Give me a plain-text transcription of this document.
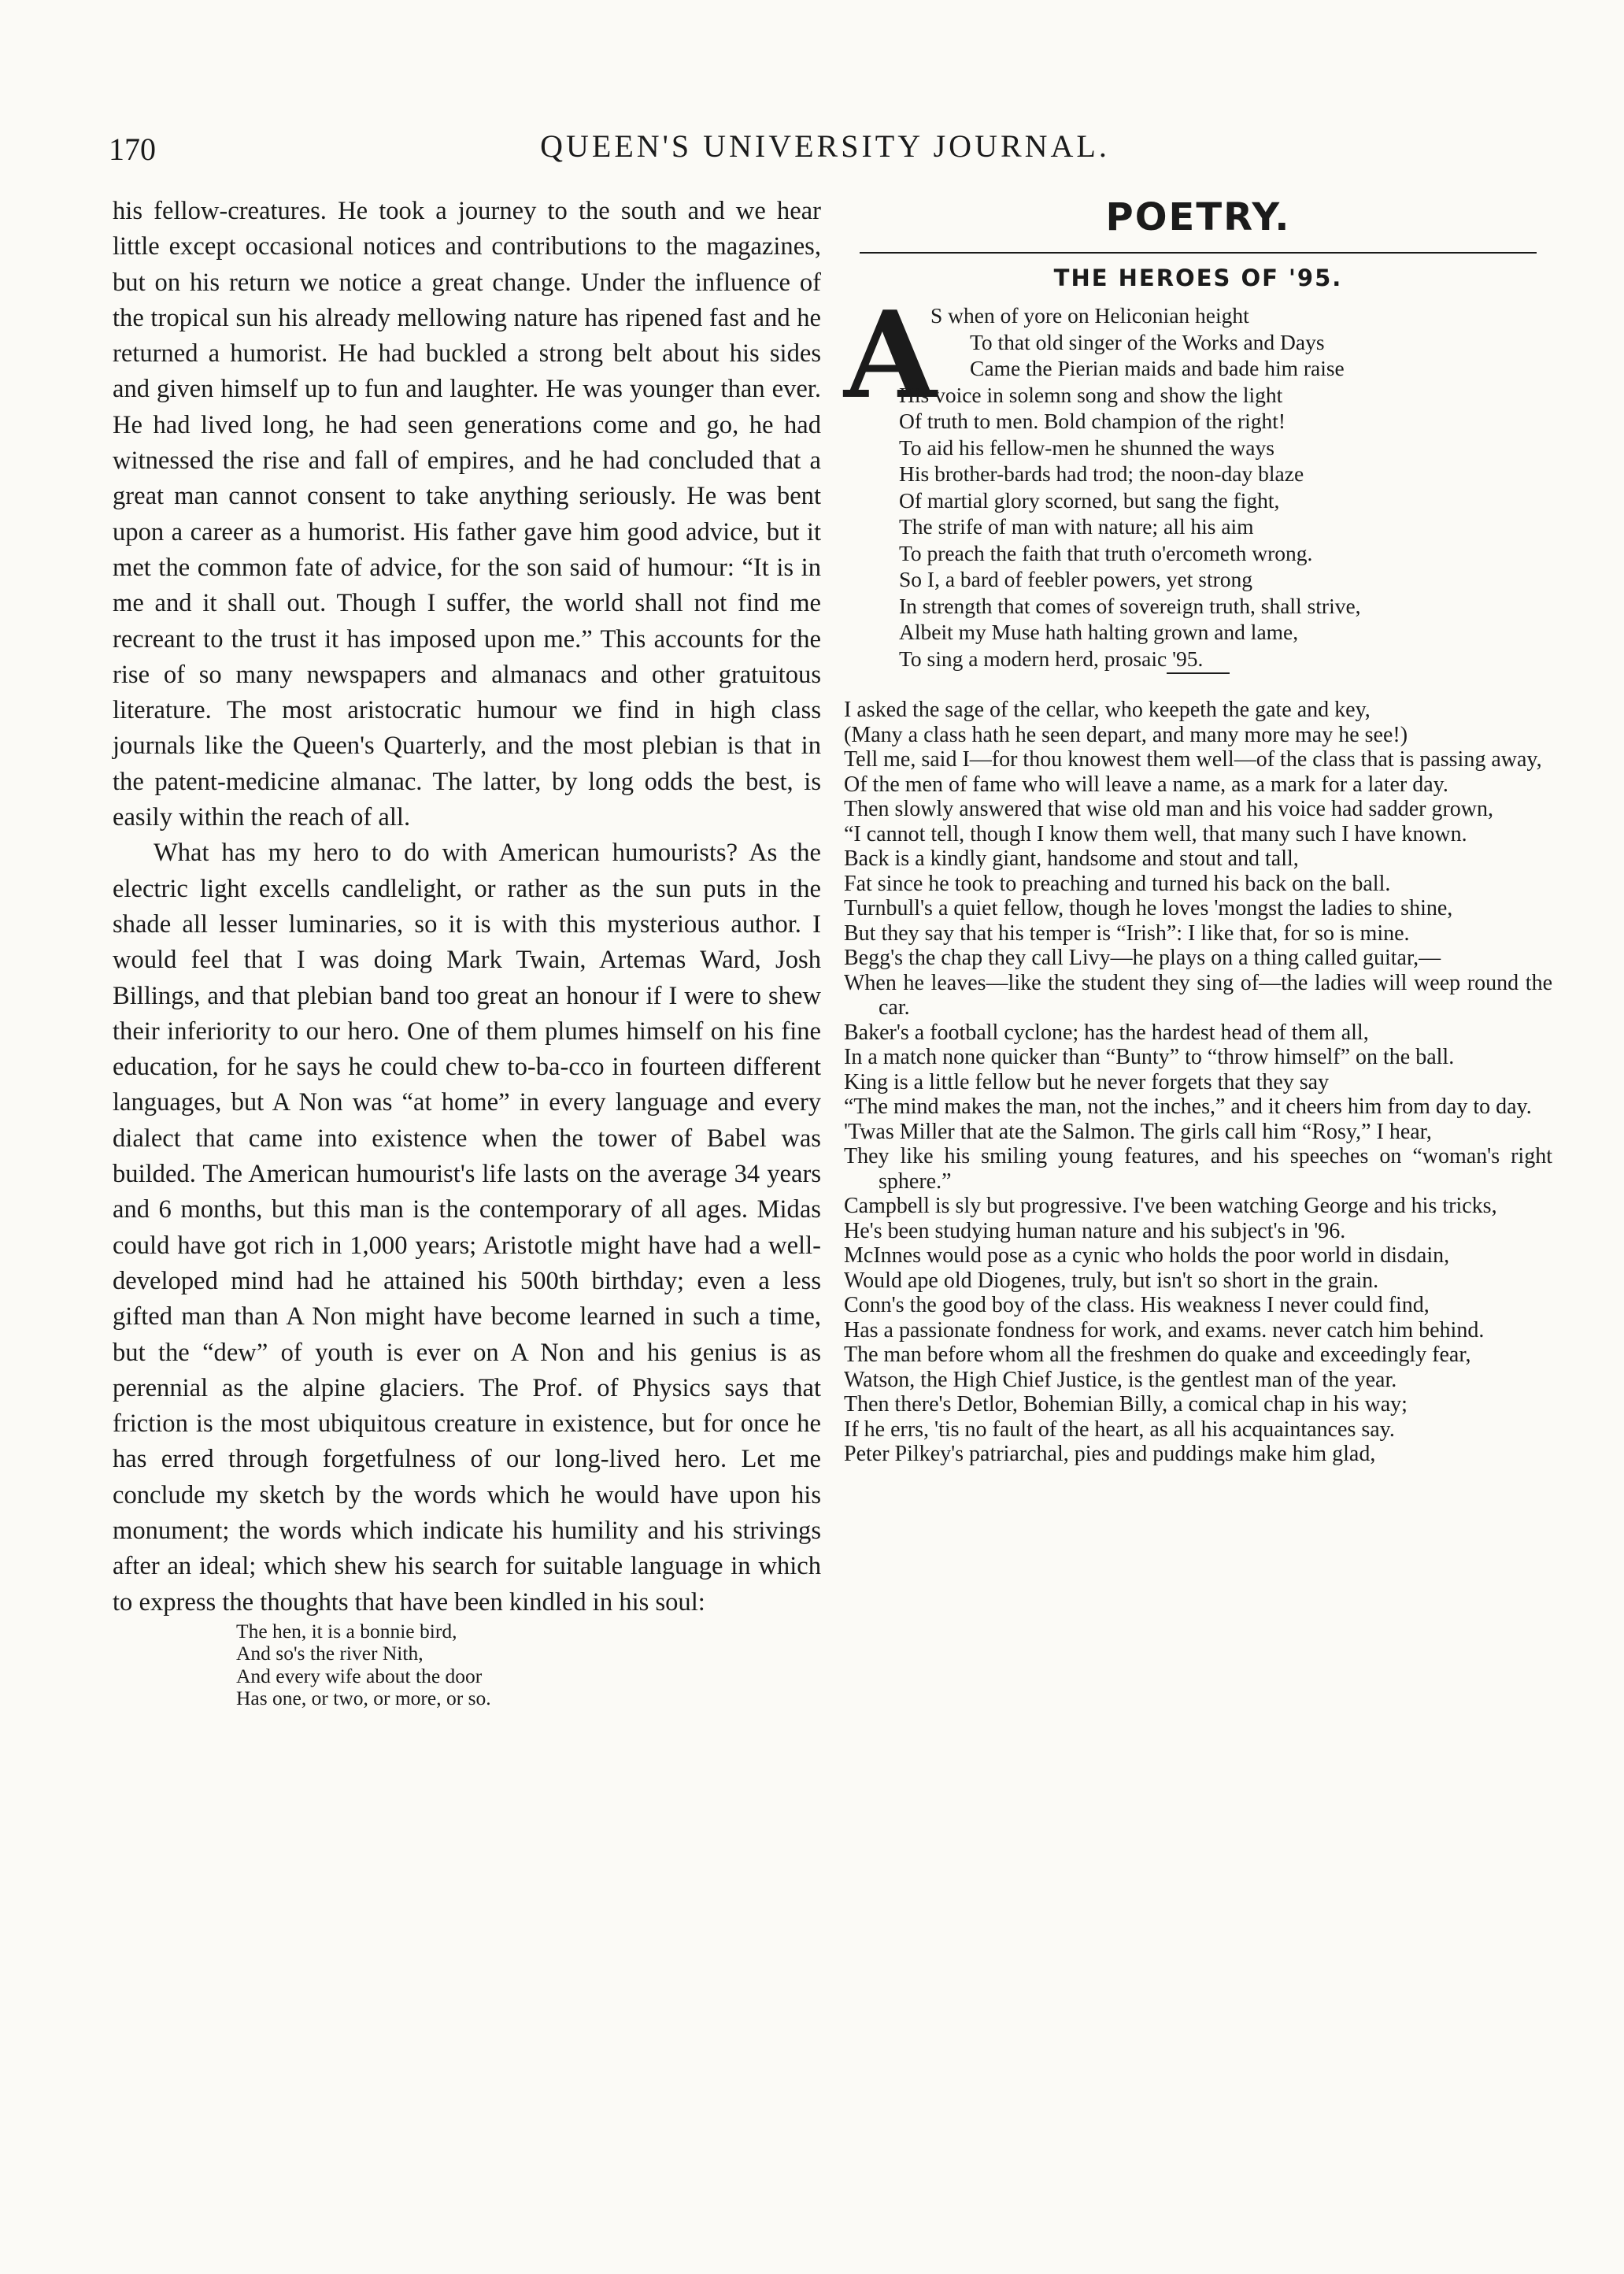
170	QUEEN'S UNIVERSITY JOURNAL.

his fellow-creatures. He took a journey to the south and we hear little except occasional notices and contributions to the magazines, but on his return we notice a great change. Under the influence of the tropical sun his already mellowing nature has ripened fast and he returned a humorist. He had buckled a strong belt about his sides and given himself up to fun and laughter. He was younger than ever. He had lived long, he had seen generations come and go, he had witnessed the rise and fall of empires, and he had concluded that a great man cannot consent to take anything seriously. He was bent upon a career as a humorist. His father gave him good advice, but it met the common fate of advice, for the son said of humour: “It is in me and it shall out. Though I suffer, the world shall not find me recreant to the trust it has imposed upon me.” This accounts for the rise of so many newspapers and almanacs and other gratuitous literature. The most aristocratic humour we find in high class journals like the Queen's Quarterly, and the most plebian is that in the patent-medicine almanac. The latter, by long odds the best, is easily within the reach of all.

What has my hero to do with American humourists? As the electric light excells candlelight, or rather as the sun puts in the shade all lesser luminaries, so it is with this mysterious author. I would feel that I was doing Mark Twain, Artemas Ward, Josh Billings, and that plebian band too great an honour if I were to shew their inferiority to our hero. One of them plumes himself on his fine education, for he says he could chew to-ba-cco in fourteen different languages, but A Non was “at home” in every language and every dialect that came into existence when the tower of Babel was builded. The American humourist's life lasts on the average 34 years and 6 months, but this man is the contemporary of all ages. Midas could have got rich in 1,000 years; Aristotle might have had a well-developed mind had he attained his 500th birthday; even a less gifted man than A Non might have become learned in such a time, but the “dew” of youth is ever on A Non and his genius is as perennial as the alpine glaciers. The Prof. of Physics says that friction is the most ubiquitous creature in existence, but for once he has erred through forgetfulness of our long-lived hero. Let me conclude my sketch by the words which he would have upon his monument; the words which indicate his humility and his strivings after an ideal; which shew his search for suitable language in which to express the thoughts that have been kindled in his soul:

The hen, it is a bonnie bird,
And so's the river Nith,
And every wife about the door
Has one, or two, or more, or so.
POETRY.
THE HEROES OF '95.
A
S when of yore on Heliconian height
To that old singer of the Works and Days
Came the Pierian maids and bade him raise
His voice in solemn song and show the light
Of truth to men. Bold champion of the right!
To aid his fellow-men he shunned the ways
His brother-bards had trod; the noon-day blaze
Of martial glory scorned, but sang the fight,
The strife of man with nature; all his aim
To preach the faith that truth o'ercometh wrong.
So I, a bard of feebler powers, yet strong
In strength that comes of sovereign truth, shall strive,
Albeit my Muse hath halting grown and lame,
To sing a modern herd, prosaic '95.
I asked the sage of the cellar, who keepeth the gate and key,
(Many a class hath he seen depart, and many more may he see!)
Tell me, said I—for thou knowest them well—of the class that is passing away,
Of the men of fame who will leave a name, as a mark for a later day.
Then slowly answered that wise old man and his voice had sadder grown,
“I cannot tell, though I know them well, that many such I have known.
Back is a kindly giant, handsome and stout and tall,
Fat since he took to preaching and turned his back on the ball.
Turnbull's a quiet fellow, though he loves 'mongst the ladies to shine,
But they say that his temper is “Irish”: I like that, for so is mine.
Begg's the chap they call Livy—he plays on a thing called guitar,—
When he leaves—like the student they sing of—the ladies will weep round the car.
Baker's a football cyclone; has the hardest head of them all,
In a match none quicker than “Bunty” to “throw himself” on the ball.
King is a little fellow but he never forgets that they say
“The mind makes the man, not the inches,” and it cheers him from day to day.
'Twas Miller that ate the Salmon. The girls call him “Rosy,” I hear,
They like his smiling young features, and his speeches on “woman's right sphere.”
Campbell is sly but progressive. I've been watching George and his tricks,
He's been studying human nature and his subject's in '96.
McInnes would pose as a cynic who holds the poor world in disdain,
Would ape old Diogenes, truly, but isn't so short in the grain.
Conn's the good boy of the class. His weakness I never could find,
Has a passionate fondness for work, and exams. never catch him behind.
The man before whom all the freshmen do quake and exceedingly fear,
Watson, the High Chief Justice, is the gentlest man of the year.
Then there's Detlor, Bohemian Billy, a comical chap in his way;
If he errs, 'tis no fault of the heart, as all his acquaintances say.
Peter Pilkey's patriarchal, pies and puddings make him glad,
